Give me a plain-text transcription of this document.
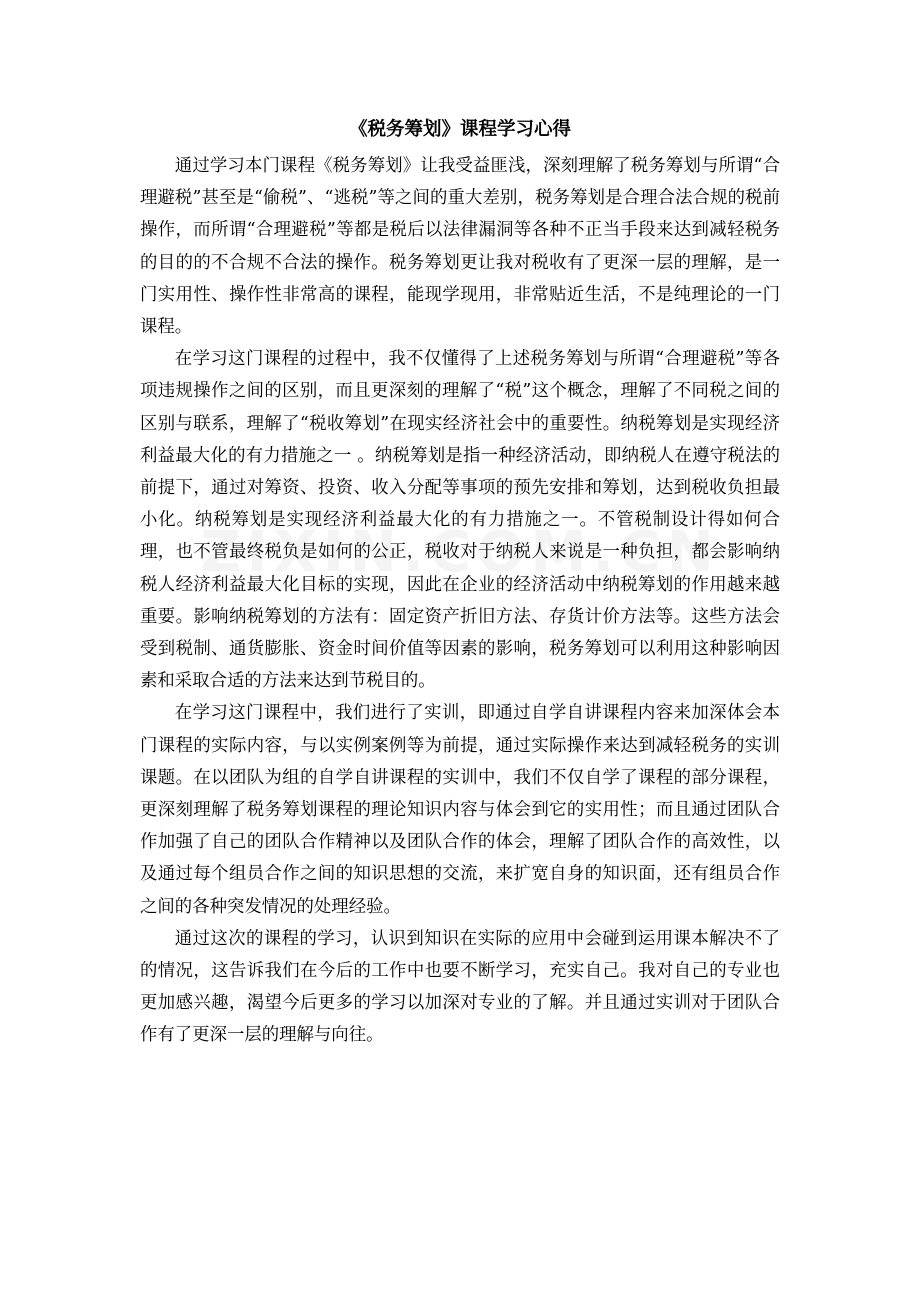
《税务筹划》课程学习心得

通过学习本门课程《税务筹划》让我受益匪浅，深刻理解了税务筹划与所谓“合理避税”甚至是“偷税”、“逃税”等之间的重大差别，税务筹划是合理合法合规的税前操作，而所谓“合理避税”等都是税后以法律漏洞等各种不正当手段来达到减轻税务的目的的不合规不合法的操作。税务筹划更让我对税收有了更深一层的理解，是一门实用性、操作性非常高的课程，能现学现用，非常贴近生活，不是纯理论的一门课程。

在学习这门课程的过程中，我不仅懂得了上述税务筹划与所谓“合理避税”等各项违规操作之间的区别，而且更深刻的理解了“税”这个概念，理解了不同税之间的区别与联系，理解了“税收筹划”在现实经济社会中的重要性。纳税筹划是实现经济利益最大化的有力措施之一 。纳税筹划是指一种经济活动，即纳税人在遵守税法的前提下，通过对筹资、投资、收入分配等事项的预先安排和筹划，达到税收负担最小化。纳税筹划是实现经济利益最大化的有力措施之一。不管税制设计得如何合理，也不管最终税负是如何的公正，税收对于纳税人来说是一种负担，都会影响纳税人经济利益最大化目标的实现，因此在企业的经济活动中纳税筹划的作用越来越重要。影响纳税筹划的方法有：固定资产折旧方法、存货计价方法等。这些方法会受到税制、通货膨胀、资金时间价值等因素的影响，税务筹划可以利用这种影响因素和采取合适的方法来达到节税目的。

在学习这门课程中，我们进行了实训，即通过自学自讲课程内容来加深体会本门课程的实际内容，与以实例案例等为前提，通过实际操作来达到减轻税务的实训课题。在以团队为组的自学自讲课程的实训中，我们不仅自学了课程的部分课程，更深刻理解了税务筹划课程的理论知识内容与体会到它的实用性；而且通过团队合作加强了自己的团队合作精神以及团队合作的体会，理解了团队合作的高效性，以及通过每个组员合作之间的知识思想的交流，来扩宽自身的知识面，还有组员合作之间的各种突发情况的处理经验。

通过这次的课程的学习，认识到知识在实际的应用中会碰到运用课本解决不了的情况，这告诉我们在今后的工作中也要不断学习，充实自己。我对自己的专业也更加感兴趣，渴望今后更多的学习以加深对专业的了解。并且通过实训对于团队合作有了更深一层的理解与向往。
